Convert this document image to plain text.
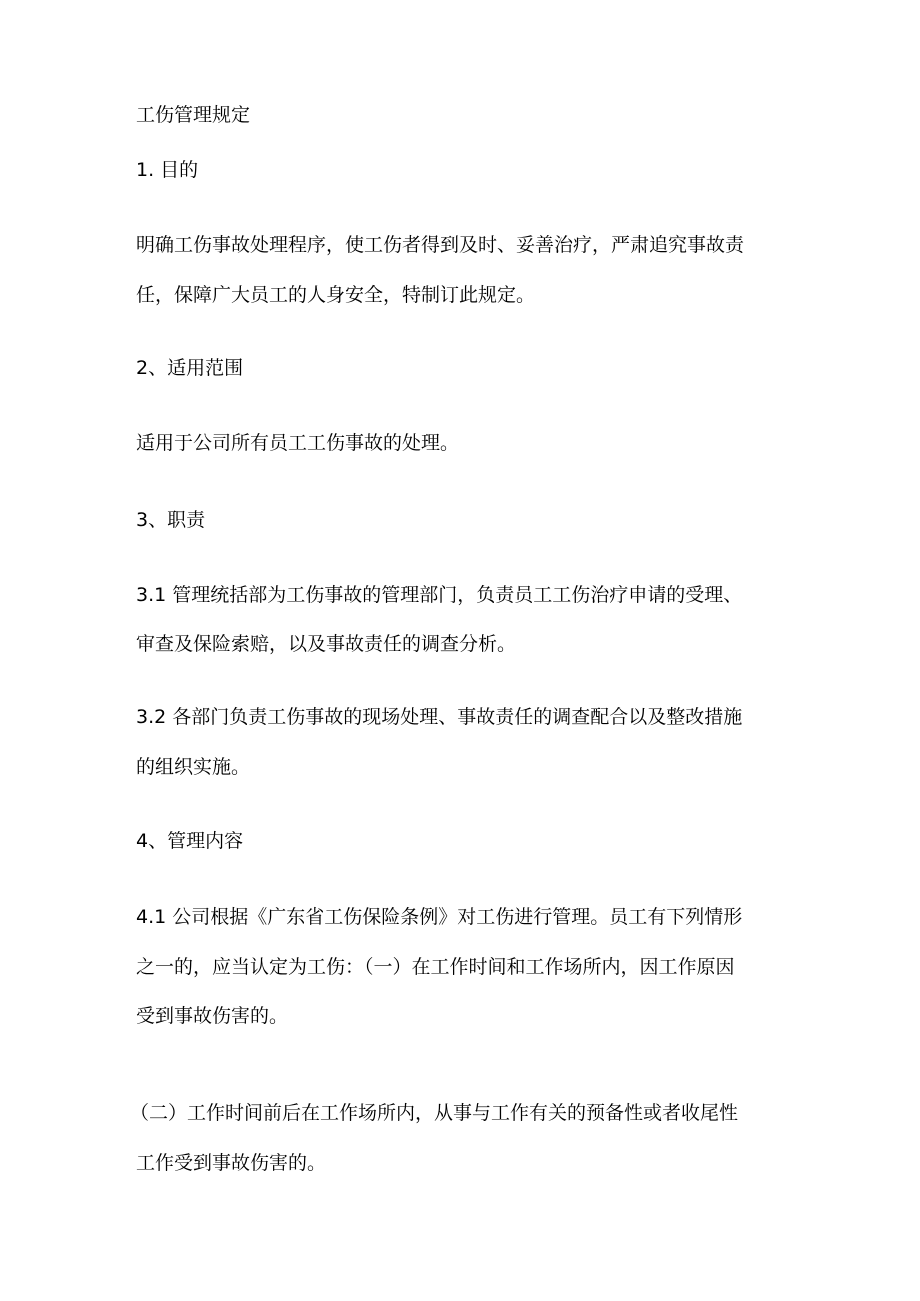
工伤管理规定
1. 目的
明确工伤事故处理程序，使工伤者得到及时、妥善治疗，严肃追究事故责
任，保障广大员工的人身安全，特制订此规定。
2、适用范围
适用于公司所有员工工伤事故的处理。
3、职责
3.1 管理统括部为工伤事故的管理部门，负责员工工伤治疗申请的受理、
审查及保险索赔，以及事故责任的调查分析。
3.2 各部门负责工伤事故的现场处理、事故责任的调查配合以及整改措施
的组织实施。
4、管理内容
4.1 公司根据《广东省工伤保险条例》对工伤进行管理。员工有下列情形
之一的，应当认定为工伤：（一）在工作时间和工作场所内，因工作原因
受到事故伤害的。
（二）工作时间前后在工作场所内，从事与工作有关的预备性或者收尾性
工作受到事故伤害的。
